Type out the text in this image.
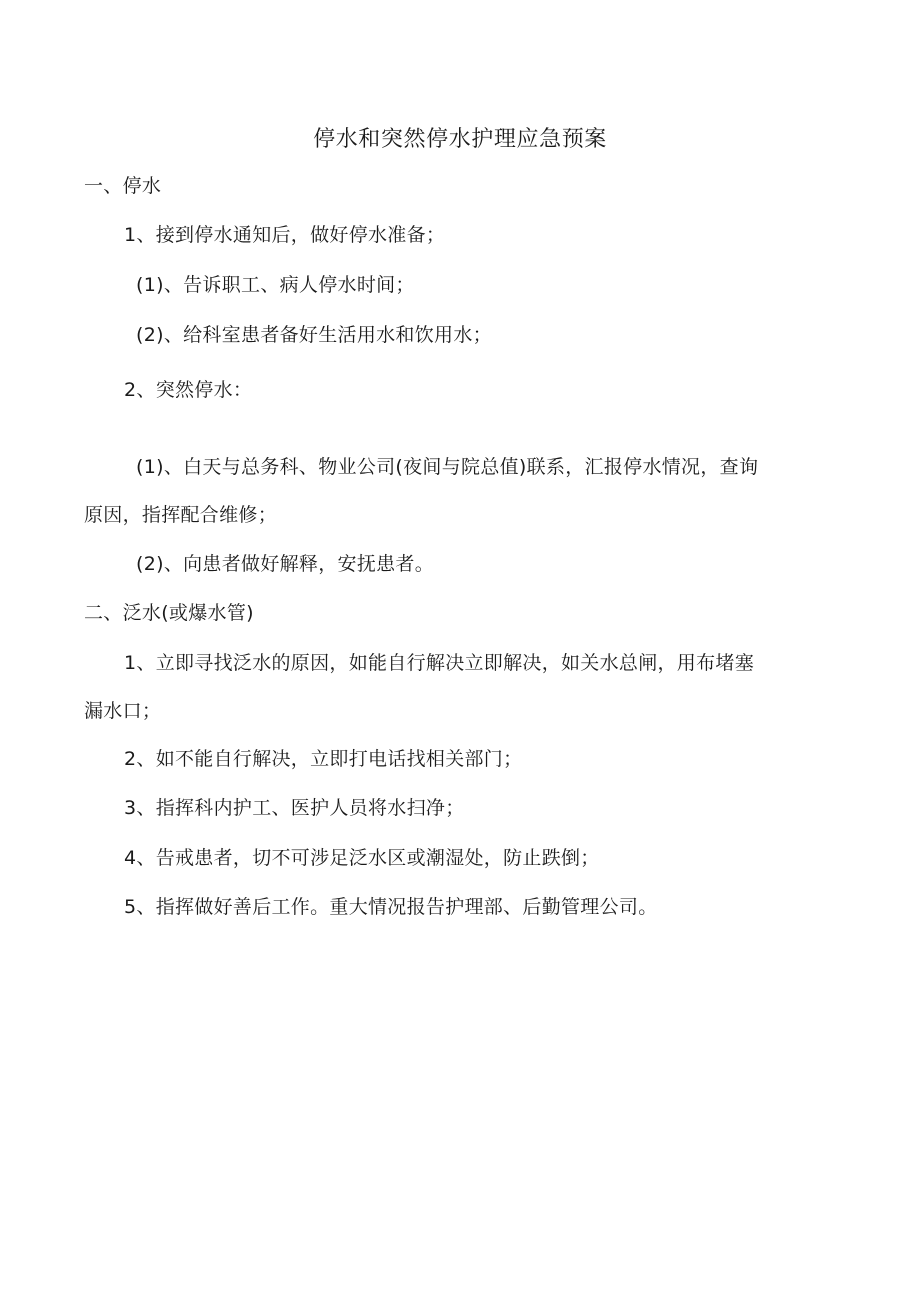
停水和突然停水护理应急预案
一、停水
1、接到停水通知后，做好停水准备；
(1)、告诉职工、病人停水时间；
(2)、给科室患者备好生活用水和饮用水；
2、突然停水：
(1)、白天与总务科、物业公司(夜间与院总值)联系，汇报停水情况，查询
原因，指挥配合维修；
(2)、向患者做好解释，安抚患者。
二、泛水(或爆水管)
1、立即寻找泛水的原因，如能自行解决立即解决，如关水总闸，用布堵塞
漏水口；
2、如不能自行解决，立即打电话找相关部门；
3、指挥科内护工、医护人员将水扫净；
4、告戒患者，切不可涉足泛水区或潮湿处，防止跌倒；
5、指挥做好善后工作。重大情况报告护理部、后勤管理公司。
